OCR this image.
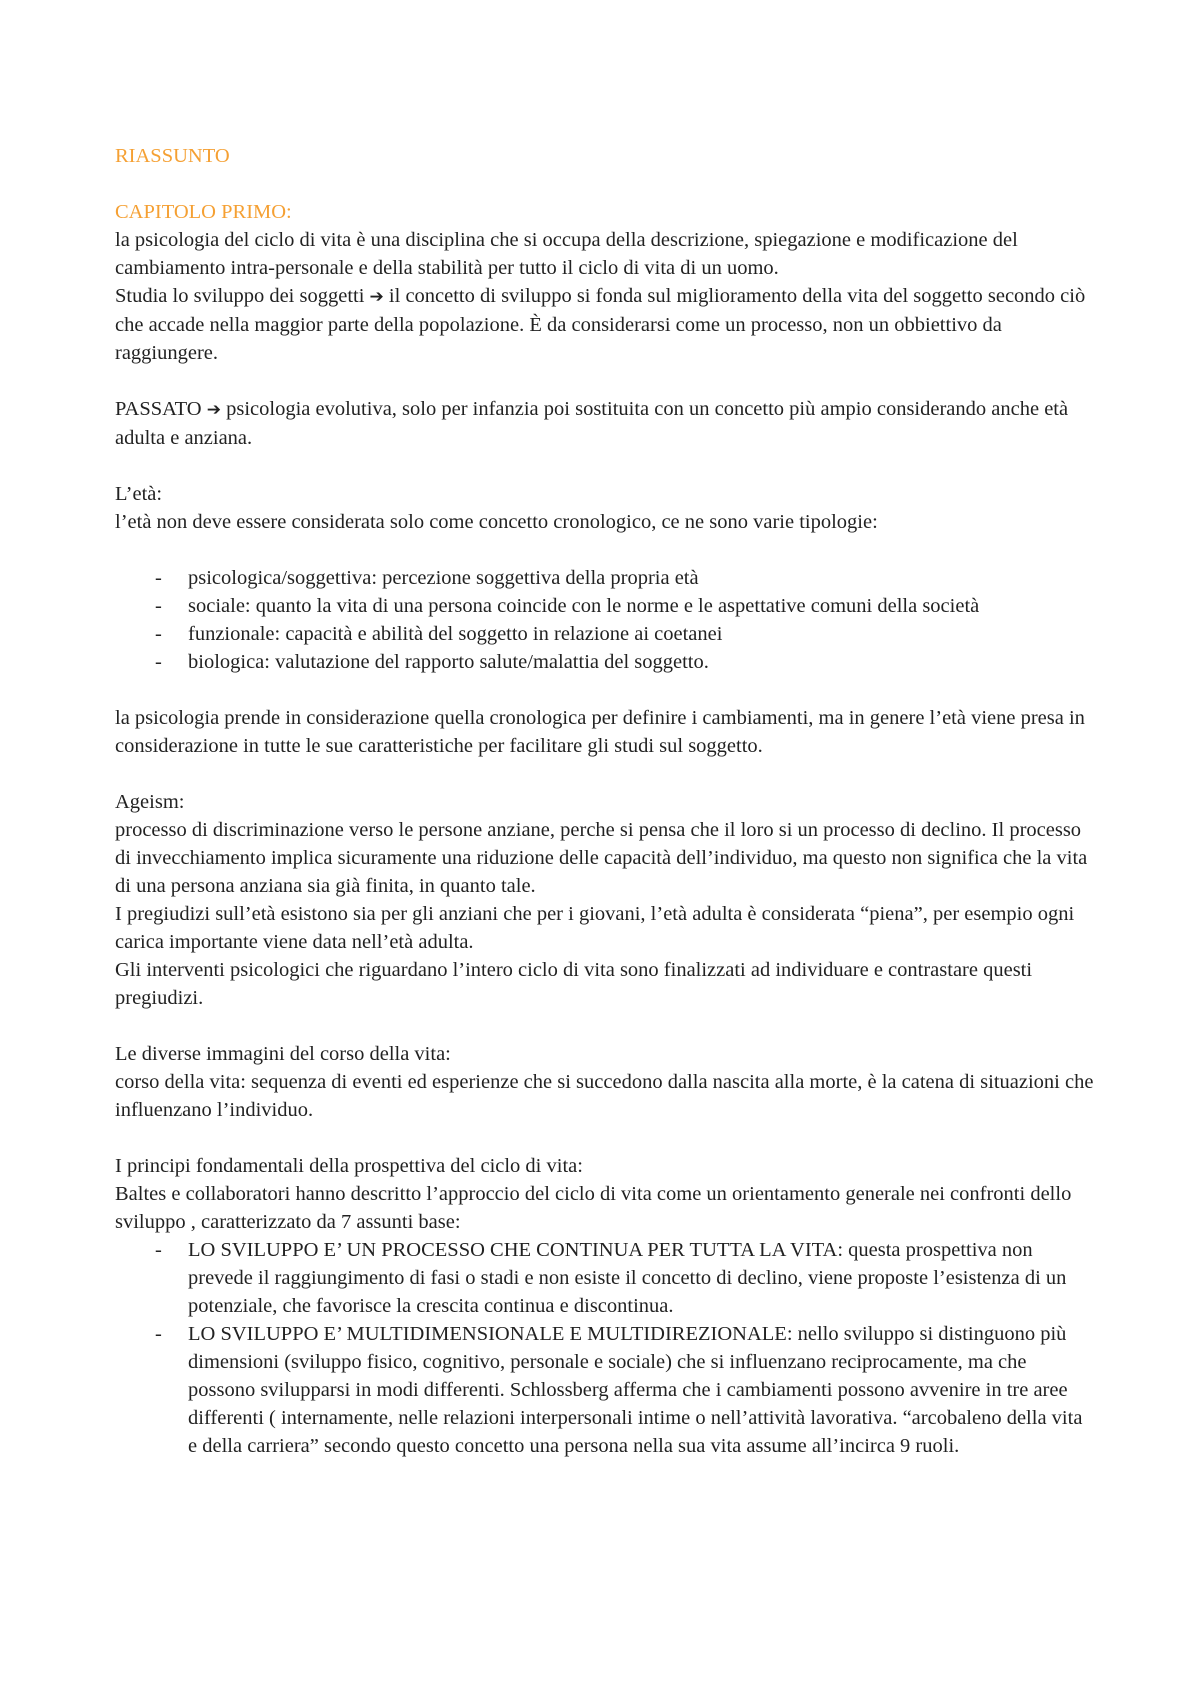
RIASSUNTO

CAPITOLO PRIMO:

la psicologia del ciclo di vita è una disciplina che si occupa della descrizione, spiegazione e modificazione del cambiamento intra-personale e della stabilità per tutto il ciclo di vita di un uomo.

Studia lo sviluppo dei soggetti ➔ il concetto di sviluppo si fonda sul miglioramento della vita del soggetto secondo ciò che accade nella maggior parte della popolazione. È da considerarsi come un processo, non un obbiettivo da raggiungere.

PASSATO ➔ psicologia evolutiva, solo per infanzia poi sostituita con un concetto più ampio considerando anche età adulta e anziana.

L’età:

l’età non deve essere considerata solo come concetto cronologico, ce ne sono varie tipologie:

- psicologica/soggettiva: percezione soggettiva della propria età
- sociale: quanto la vita di una persona coincide con le norme e le aspettative comuni della società
- funzionale: capacità e abilità del soggetto in relazione ai coetanei
- biologica: valutazione del rapporto salute/malattia del soggetto.

la psicologia prende in considerazione quella cronologica per definire i cambiamenti, ma in genere l’età viene presa in considerazione in tutte le sue caratteristiche per facilitare gli studi sul soggetto.

Ageism:

processo di discriminazione verso le persone anziane, perche si pensa che il loro si un processo di declino. Il processo di invecchiamento implica sicuramente una riduzione delle capacità dell’individuo, ma questo non significa che la vita di una persona anziana sia già finita, in quanto tale.

I pregiudizi sull’età esistono sia per gli anziani che per i giovani, l’età adulta è considerata “piena”, per esempio ogni carica importante viene data nell’età adulta.

Gli interventi psicologici che riguardano l’intero ciclo di vita sono finalizzati ad individuare e contrastare questi pregiudizi.

Le diverse immagini del corso della vita:

corso della vita: sequenza di eventi ed esperienze che si succedono dalla nascita alla morte, è la catena di situazioni che influenzano l’individuo.

I principi fondamentali della prospettiva del ciclo di vita:

Baltes e collaboratori hanno descritto l’approccio del ciclo di vita come un orientamento generale nei confronti dello sviluppo , caratterizzato da 7 assunti base:

- LO SVILUPPO E’ UN PROCESSO CHE CONTINUA PER TUTTA LA VITA: questa prospettiva non prevede il raggiungimento di fasi o stadi e non esiste il concetto di declino, viene proposte l’esistenza di un potenziale, che favorisce la crescita continua e discontinua.
- LO SVILUPPO E’ MULTIDIMENSIONALE E MULTIDIREZIONALE: nello sviluppo si distinguono più dimensioni (sviluppo fisico, cognitivo, personale e sociale) che si influenzano reciprocamente, ma che possono svilupparsi in modi differenti. Schlossberg afferma che i cambiamenti possono avvenire in tre aree differenti ( internamente, nelle relazioni interpersonali intime o nell’attività lavorativa. “arcobaleno della vita e della carriera” secondo questo concetto una persona nella sua vita assume all’incirca 9 ruoli.
